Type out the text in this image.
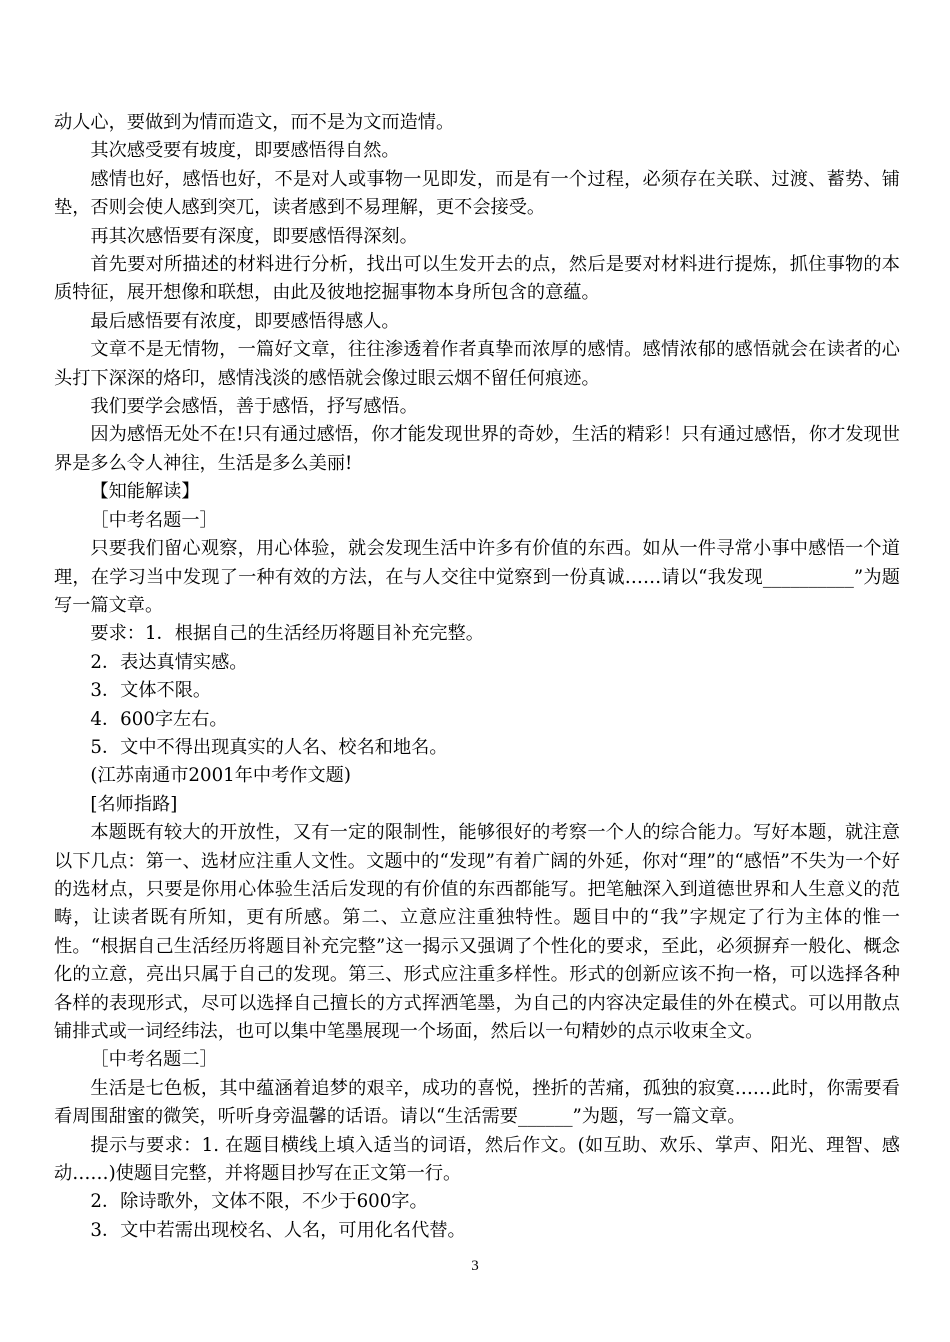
动人心，要做到为情而造文，而不是为文而造情。

其次感受要有坡度，即要感悟得自然。

感情也好，感悟也好，不是对人或事物一见即发，而是有一个过程，必须存在关联、过渡、蓄势、铺垫，否则会使人感到突兀，读者感到不易理解，更不会接受。

再其次感悟要有深度，即要感悟得深刻。

首先要对所描述的材料进行分析，找出可以生发开去的点，然后是要对材料进行提炼，抓住事物的本质特征，展开想像和联想，由此及彼地挖掘事物本身所包含的意蕴。

最后感悟要有浓度，即要感悟得感人。

文章不是无情物，一篇好文章，往往渗透着作者真挚而浓厚的感情。感情浓郁的感悟就会在读者的心头打下深深的烙印，感情浅淡的感悟就会像过眼云烟不留任何痕迹。

我们要学会感悟，善于感悟，抒写感悟。

因为感悟无处不在!只有通过感悟，你才能发现世界的奇妙，生活的精彩！只有通过感悟，你才发现世界是多么令人神往，生活是多么美丽!

【知能解读】

［中考名题一］

只要我们留心观察，用心体验，就会发现生活中许多有价值的东西。如从一件寻常小事中感悟一个道理，在学习当中发现了一种有效的方法，在与人交往中觉察到一份真诚……请以“我发现__________”为题写一篇文章。

要求：1．根据自己的生活经历将题目补充完整。

2．表达真情实感。

3．文体不限。

4．600字左右。

5．文中不得出现真实的人名、校名和地名。

(江苏南通市2001年中考作文题)

[名师指路]

本题既有较大的开放性，又有一定的限制性，能够很好的考察一个人的综合能力。写好本题，就注意以下几点：第一、选材应注重人文性。文题中的“发现”有着广阔的外延，你对“理”的“感悟”不失为一个好的选材点，只要是你用心体验生活后发现的有价值的东西都能写。把笔触深入到道德世界和人生意义的范畴，让读者既有所知，更有所感。第二、立意应注重独特性。题目中的“我”字规定了行为主体的惟一性。“根据自己生活经历将题目补充完整”这一揭示又强调了个性化的要求，至此，必须摒弃一般化、概念化的立意，亮出只属于自己的发现。第三、形式应注重多样性。形式的创新应该不拘一格，可以选择各种各样的表现形式，尽可以选择自己擅长的方式挥洒笔墨，为自己的内容决定最佳的外在模式。可以用散点铺排式或一词经纬法，也可以集中笔墨展现一个场面，然后以一句精妙的点示收束全文。

［中考名题二］

生活是七色板，其中蕴涵着追梦的艰辛，成功的喜悦，挫折的苦痛，孤独的寂寞……此时，你需要看看周围甜蜜的微笑，听听身旁温馨的话语。请以“生活需要______”为题，写一篇文章。

提示与要求：1. 在题目横线上填入适当的词语，然后作文。(如互助、欢乐、掌声、阳光、理智、感动……)使题目完整，并将题目抄写在正文第一行。

2．除诗歌外，文体不限，不少于600字。

3．文中若需出现校名、人名，可用化名代替。

3
